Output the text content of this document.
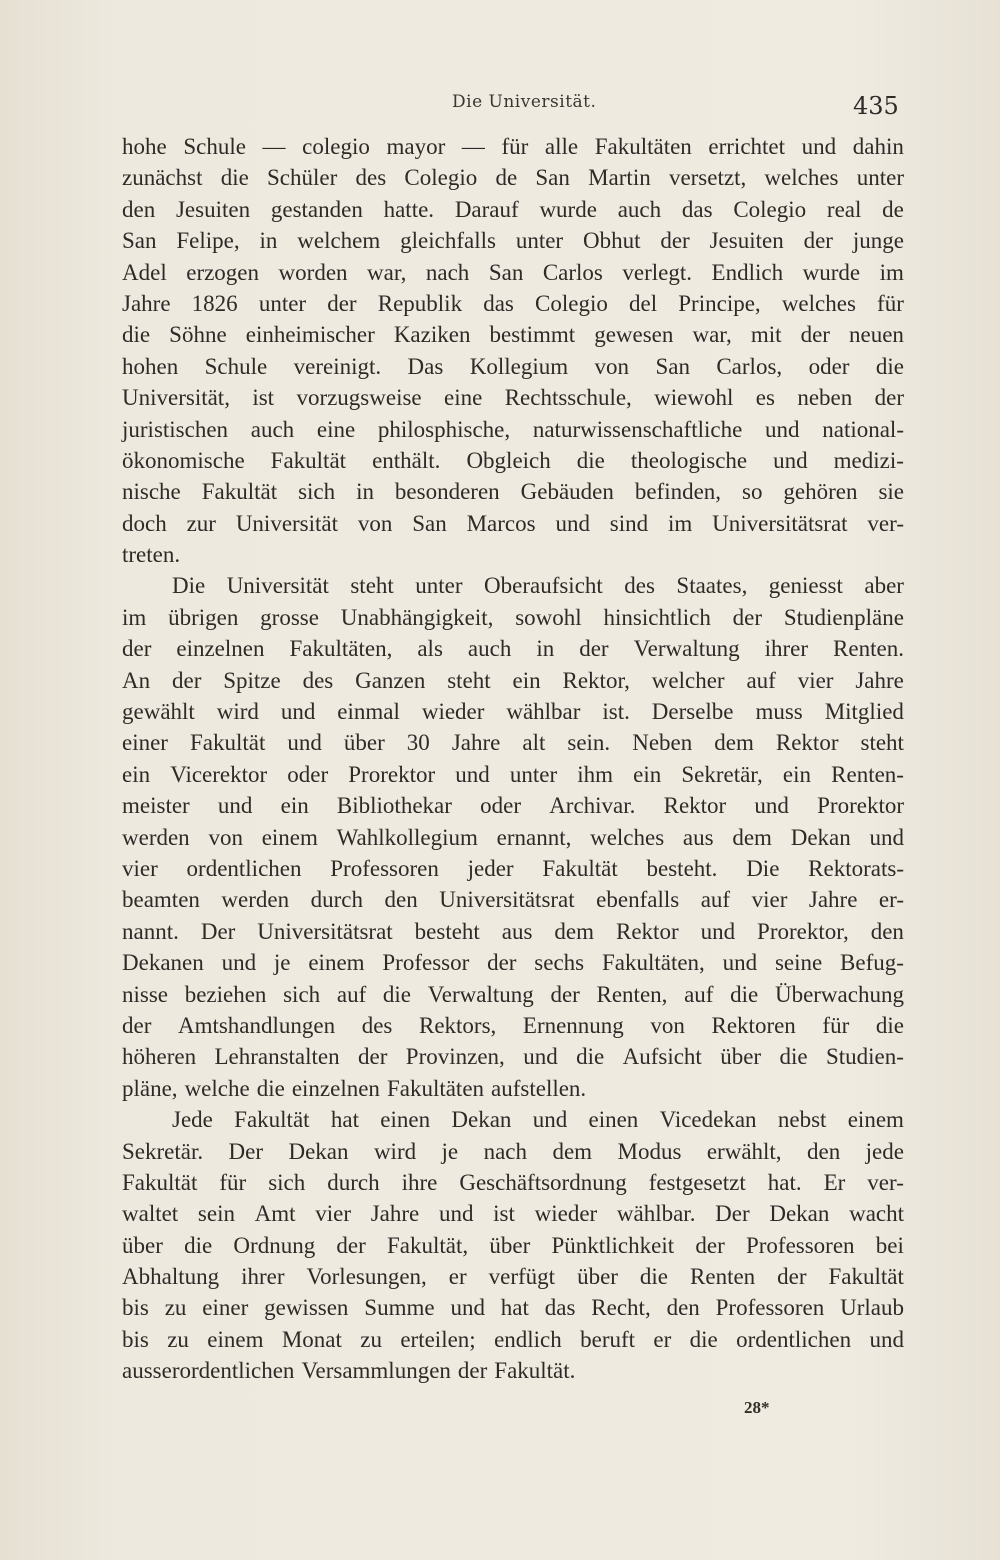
Die Universität.	435
hohe Schule — colegio mayor — für alle Fakultäten errichtet und dahin
zunächst die Schüler des Colegio de San Martin versetzt, welches unter
den Jesuiten gestanden hatte. Darauf wurde auch das Colegio real de
San Felipe, in welchem gleichfalls unter Obhut der Jesuiten der junge
Adel erzogen worden war, nach San Carlos verlegt. Endlich wurde im
Jahre 1826 unter der Republik das Colegio del Principe, welches für
die Söhne einheimischer Kaziken bestimmt gewesen war, mit der neuen
hohen Schule vereinigt. Das Kollegium von San Carlos, oder die
Universität, ist vorzugsweise eine Rechtsschule, wiewohl es neben der
juristischen auch eine philosphische, naturwissenschaftliche und national-
ökonomische Fakultät enthält. Obgleich die theologische und medizi-
nische Fakultät sich in besonderen Gebäuden befinden, so gehören sie
doch zur Universität von San Marcos und sind im Universitätsrat ver-
treten.
Die Universität steht unter Oberaufsicht des Staates, geniesst aber
im übrigen grosse Unabhängigkeit, sowohl hinsichtlich der Studienpläne
der einzelnen Fakultäten, als auch in der Verwaltung ihrer Renten.
An der Spitze des Ganzen steht ein Rektor, welcher auf vier Jahre
gewählt wird und einmal wieder wählbar ist. Derselbe muss Mitglied
einer Fakultät und über 30 Jahre alt sein. Neben dem Rektor steht
ein Vicerektor oder Prorektor und unter ihm ein Sekretär, ein Renten-
meister und ein Bibliothekar oder Archivar. Rektor und Prorektor
werden von einem Wahlkollegium ernannt, welches aus dem Dekan und
vier ordentlichen Professoren jeder Fakultät besteht. Die Rektorats-
beamten werden durch den Universitätsrat ebenfalls auf vier Jahre er-
nannt. Der Universitätsrat besteht aus dem Rektor und Prorektor, den
Dekanen und je einem Professor der sechs Fakultäten, und seine Befug-
nisse beziehen sich auf die Verwaltung der Renten, auf die Überwachung
der Amtshandlungen des Rektors, Ernennung von Rektoren für die
höheren Lehranstalten der Provinzen, und die Aufsicht über die Studien-
pläne, welche die einzelnen Fakultäten aufstellen.
Jede Fakultät hat einen Dekan und einen Vicedekan nebst einem
Sekretär. Der Dekan wird je nach dem Modus erwählt, den jede
Fakultät für sich durch ihre Geschäftsordnung festgesetzt hat. Er ver-
waltet sein Amt vier Jahre und ist wieder wählbar. Der Dekan wacht
über die Ordnung der Fakultät, über Pünktlichkeit der Professoren bei
Abhaltung ihrer Vorlesungen, er verfügt über die Renten der Fakultät
bis zu einer gewissen Summe und hat das Recht, den Professoren Urlaub
bis zu einem Monat zu erteilen; endlich beruft er die ordentlichen und
ausserordentlichen Versammlungen der Fakultät.
28*
